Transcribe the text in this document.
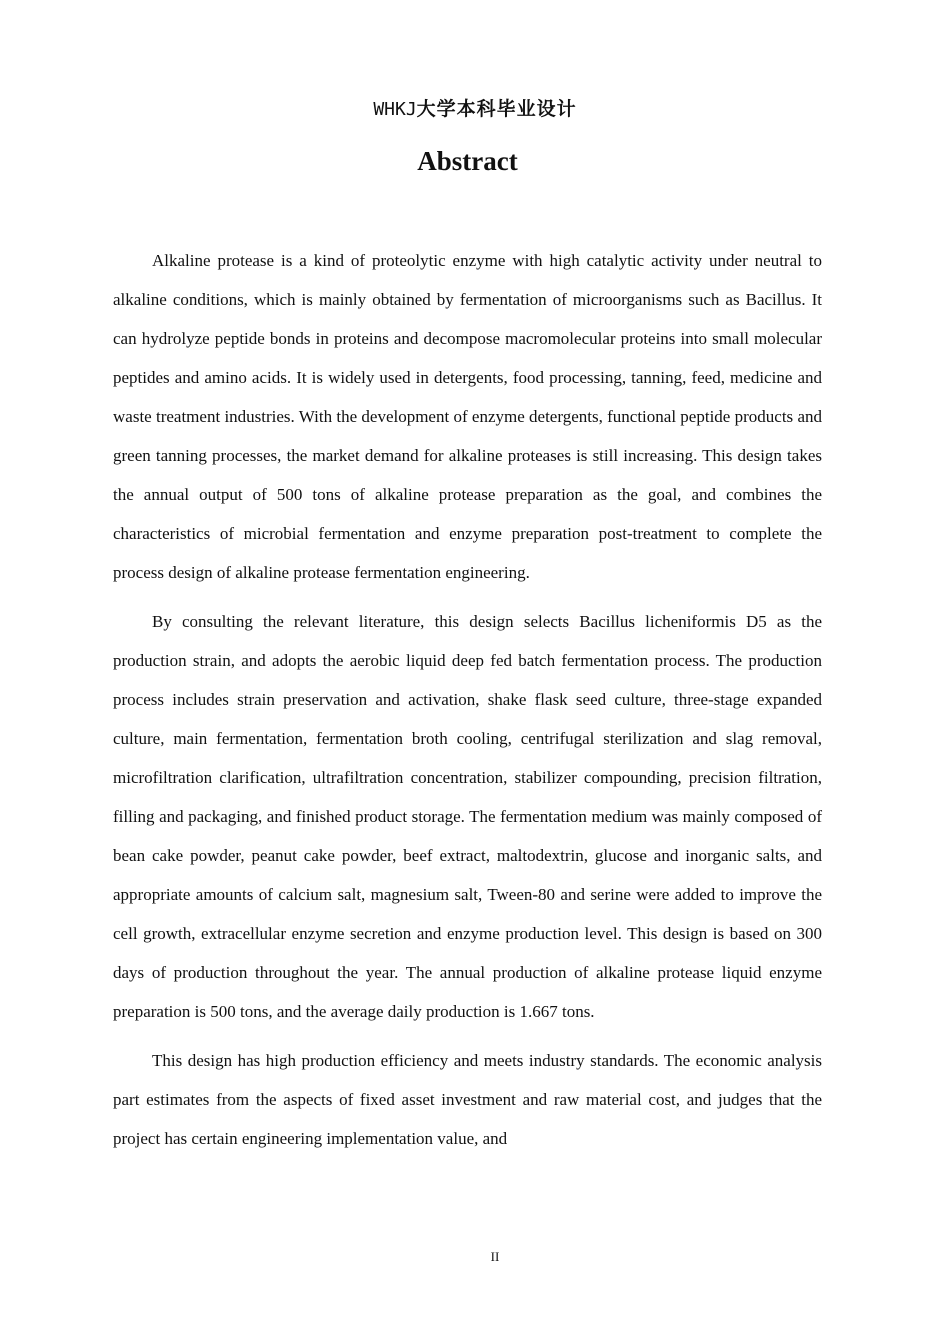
WHKJ大学本科毕业设计
Abstract

Alkaline protease is a kind of proteolytic enzyme with high catalytic activity under neutral to alkaline conditions, which is mainly obtained by fermentation of microorganisms such as Bacillus. It can hydrolyze peptide bonds in proteins and decompose macromolecular proteins into small molecular peptides and amino acids. It is widely used in detergents, food processing, tanning, feed, medicine and waste treatment industries. With the development of enzyme detergents, functional peptide products and green tanning processes, the market demand for alkaline proteases is still increasing. This design takes the annual output of 500 tons of alkaline protease preparation as the goal, and combines the characteristics of microbial fermentation and enzyme preparation post-treatment to complete the process design of alkaline protease fermentation engineering.

By consulting the relevant literature, this design selects Bacillus licheniformis D5 as the production strain, and adopts the aerobic liquid deep fed batch fermentation process. The production process includes strain preservation and activation, shake flask seed culture, three-stage expanded culture, main fermentation, fermentation broth cooling, centrifugal sterilization and slag removal, microfiltration clarification, ultrafiltration concentration, stabilizer compounding, precision filtration, filling and packaging, and finished product storage. The fermentation medium was mainly composed of bean cake powder, peanut cake powder, beef extract, maltodextrin, glucose and inorganic salts, and appropriate amounts of calcium salt, magnesium salt, Tween-80 and serine were added to improve the cell growth, extracellular enzyme secretion and enzyme production level. This design is based on 300 days of production throughout the year. The annual production of alkaline protease liquid enzyme preparation is 500 tons, and the average daily production is 1.667 tons.

This design has high production efficiency and meets industry standards. The economic analysis part estimates from the aspects of fixed asset investment and raw material cost, and judges that the project has certain engineering implementation value, and

II
